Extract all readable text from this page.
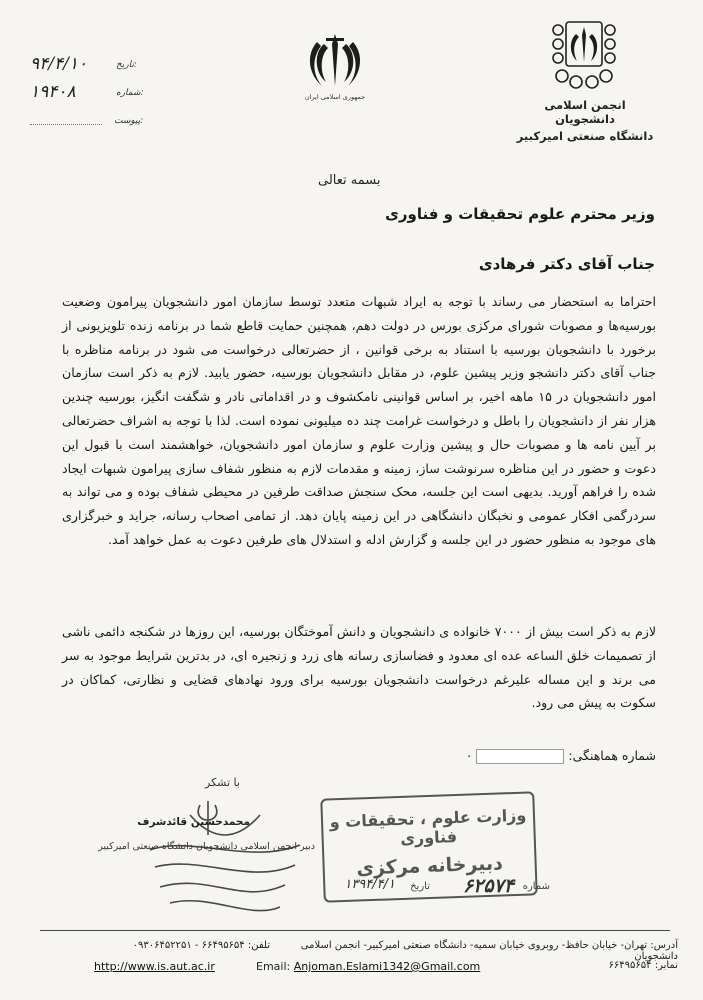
۹۴/۴/۱۰	تاریخ:
۱۹۴۰۸	شماره:
پیوست:
جمهوری اسلامی ایران
انجمن اسلامی دانشجویان
دانشگاه صنعتی امیرکبیر
بسمه تعالی
وزیر محترم علوم تحقیقات و فناوری
جناب آقای دکتر فرهادی
احتراما به استحضار می رساند با توجه به ایراد شبهات متعدد توسط سازمان امور دانشجویان پیرامون وضعیت بورسیه‌ها و مصوبات شورای مرکزی بورس در دولت دهم، همچنین حمایت قاطع شما در برنامه زنده تلویزیونی از برخورد با دانشجویان بورسیه با استناد به برخی قوانین ، از حضرتعالی درخواست می شود در برنامه مناظره با جناب آقای دکتر دانشجو وزیر پیشین علوم، در مقابل دانشجویان بورسیه، حضور یابید. لازم به ذکر است سازمان امور دانشجویان در ۱۵ ماهه اخیر، بر اساس قوانینی نامکشوف و در اقداماتی نادر و شگفت انگیز، بورسیه چندین هزار نفر از دانشجویان را باطل و درخواست غرامت چند ده میلیونی نموده است. لذا با توجه به اشراف حضرتعالی بر آیین نامه ها و مصوبات حال و پیشین وزارت علوم و سازمان امور دانشجویان، خواهشمند است با قبول این دعوت و حضور در این مناظره سرنوشت ساز، زمینه و مقدمات لازم به منظور شفاف سازی پیرامون شبهات ایجاد شده را فراهم آورید. بدیهی است این جلسه، محک سنجش صداقت طرفین در محیطی شفاف بوده و می تواند به سردرگمی افکار عمومی و نخبگان دانشگاهی در این زمینه پایان دهد. از تمامی اصحاب رسانه، جراید و خبرگزاری های موجود به منظور حضور در این جلسه و گزارش ادله و استدلال های طرفین دعوت به عمل خواهد آمد.
لازم به ذکر است بیش از ۷۰۰۰ خانواده ی دانشجویان و دانش آموختگان بورسیه، این روزها در شکنجه دائمی ناشی از تصمیمات خلق الساعه عده ای معدود و فضاسازی رسانه های زرد و زنجیره ای، در بدترین شرایط موجود به سر می برند و این مساله علیرغم درخواست دانشجویان بورسیه برای ورود نهادهای قضایی و نظارتی، کماکان در سکوت به پیش می رود.
شماره هماهنگی: ۰
با تشکر
محمدحسین قائدشرف
دبیر انجمن اسلامی دانشجویان دانشگاه صنعتی امیرکبیر
وزارت علوم ، تحقیقات و فناوری
دبیرخانه مرکزی
شماره
۶۲۵۷۴
تاریخ
۱۳۹۴/۴/۱
آدرس: تهران- خیابان حافظ- روبروی خیابان سمیه- دانشگاه صنعتی امیرکبیر- انجمن اسلامی دانشجویان
تلفن: ۶۶۴۹۵۶۵۴ - ۰۹۳۰۶۴۵۲۲۵۱
نمابر: ۶۶۴۹۵۶۵۴
Email: Anjoman.Eslami1342@Gmail.com
http://www.is.aut.ac.ir
